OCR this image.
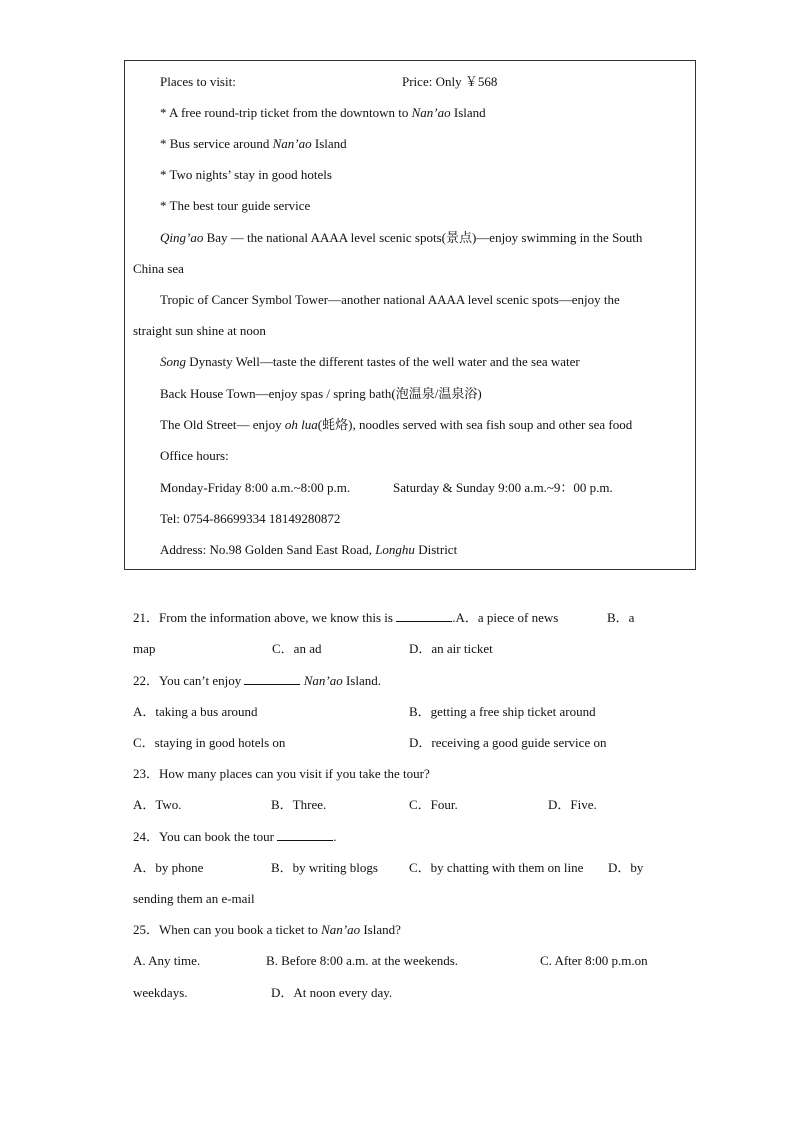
Places to visit:	Price: Only ￥568
* A free round-trip ticket from the downtown to Nan’ao Island
* Bus service around Nan’ao Island
* Two nights’ stay in good hotels
* The best tour guide service
Qing’ao Bay — the national AAAA level scenic spots(景点)—enjoy swimming in the South
China sea
Tropic of Cancer Symbol Tower—another national AAAA level scenic spots—enjoy the
straight sun shine at noon
Song Dynasty Well—taste the different tastes of the well water and the sea water
Back House Town—enjoy spas / spring bath(泡温泉/温泉浴)
The Old Street— enjoy oh lua(蚝烙), noodles served with sea fish soup and other sea food
Office hours:
Monday-Friday 8:00 a.m.~8:00 p.m.	Saturday & Sunday 9:00 a.m.~9：00 p.m.
Tel: 0754-86699334 18149280872
Address: No.98 Golden Sand East Road, Longhu District
21．From the information above, we know this is	.A．a piece of news	B．a
map	C．an ad	D．an air ticket
22．You can’t enjoy	Nan’ao Island.
A．taking a bus around	B．getting a free ship ticket around
C．staying in good hotels on	D．receiving a good guide service on
23．How many places can you visit if you take the tour?
A．Two.	B．Three.	C．Four.	D．Five.
24．You can book the tour	.
A．by phone	B．by writing blogs C．by chatting with them on line D．by
sending them an e-mail
25．When can you book a ticket to Nan’ao Island?
A. Any time.	B. Before 8:00 a.m. at the weekends.	C. After 8:00 p.m.on
weekdays.	D．At noon every day.
